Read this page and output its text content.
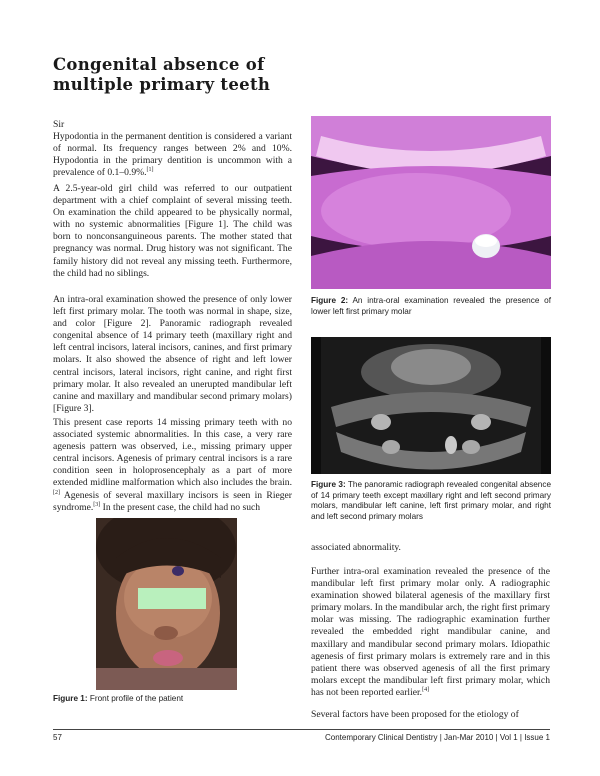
Congenital absence of multiple primary teeth

Sir

Hypodontia in the permanent dentition is considered a variant of normal. Its frequency ranges between 2% and 10%. Hypodontia in the primary dentition is uncommon with a prevalence of 0.1–0.9%.[1]

A 2.5-year-old girl child was referred to our outpatient department with a chief complaint of several missing teeth. On examination the child appeared to be physically normal, with no systemic abnormalities [Figure 1]. The child was born to nonconsanguineous parents. The mother stated that pregnancy was normal. Drug history was not significant. The family history did not reveal any missing teeth. Furthermore, the child had no siblings.

An intra-oral examination showed the presence of only lower left first primary molar. The tooth was normal in shape, size, and color [Figure 2]. Panoramic radiograph revealed congenital absence of 14 primary teeth (maxillary right and left central incisors, lateral incisors, canines, and first primary molars. It also showed the absence of right and left lower central incisors, lateral incisors, right canine, and right first primary molar. It also revealed an unerupted mandibular left canine and maxillary and mandibular second primary molars) [Figure 3].

This present case reports 14 missing primary teeth with no associated systemic abnormalities. In this case, a very rare agenesis pattern was observed, i.e., missing primary upper central incisors. Agenesis of primary central incisors is a rare condition seen in holoprosencephaly as a part of more extended midline malformation which also includes the brain.[2] Agenesis of several maxillary incisors is seen in Rieger syndrome.[3] In the present case, the child had no such

Figure 1: Front profile of the patient

Figure 2: An intra-oral examination revealed the presence of lower left first primary molar

Figure 3: The panoramic radiograph revealed congenital absence of 14 primary teeth except maxillary right and left second primary molars, mandibular left canine, left first primary molar, and right and left second primary molars

associated abnormality.

Further intra-oral examination revealed the presence of the mandibular left first primary molar only. A radiographic examination showed bilateral agenesis of the maxillary first primary molars. In the mandibular arch, the right first primary molar was missing. The radiographic examination further revealed the embedded right mandibular canine, and maxillary and mandibular second primary molars. Idiopathic agenesis of first primary molars is extremely rare and in this patient there was observed agenesis of all the first primary molars except the mandibular left first primary molar, which has not been reported earlier.[4]

Several factors have been proposed for the etiology of

57	Contemporary Clinical Dentistry | Jan-Mar 2010 | Vol 1 | Issue 1
